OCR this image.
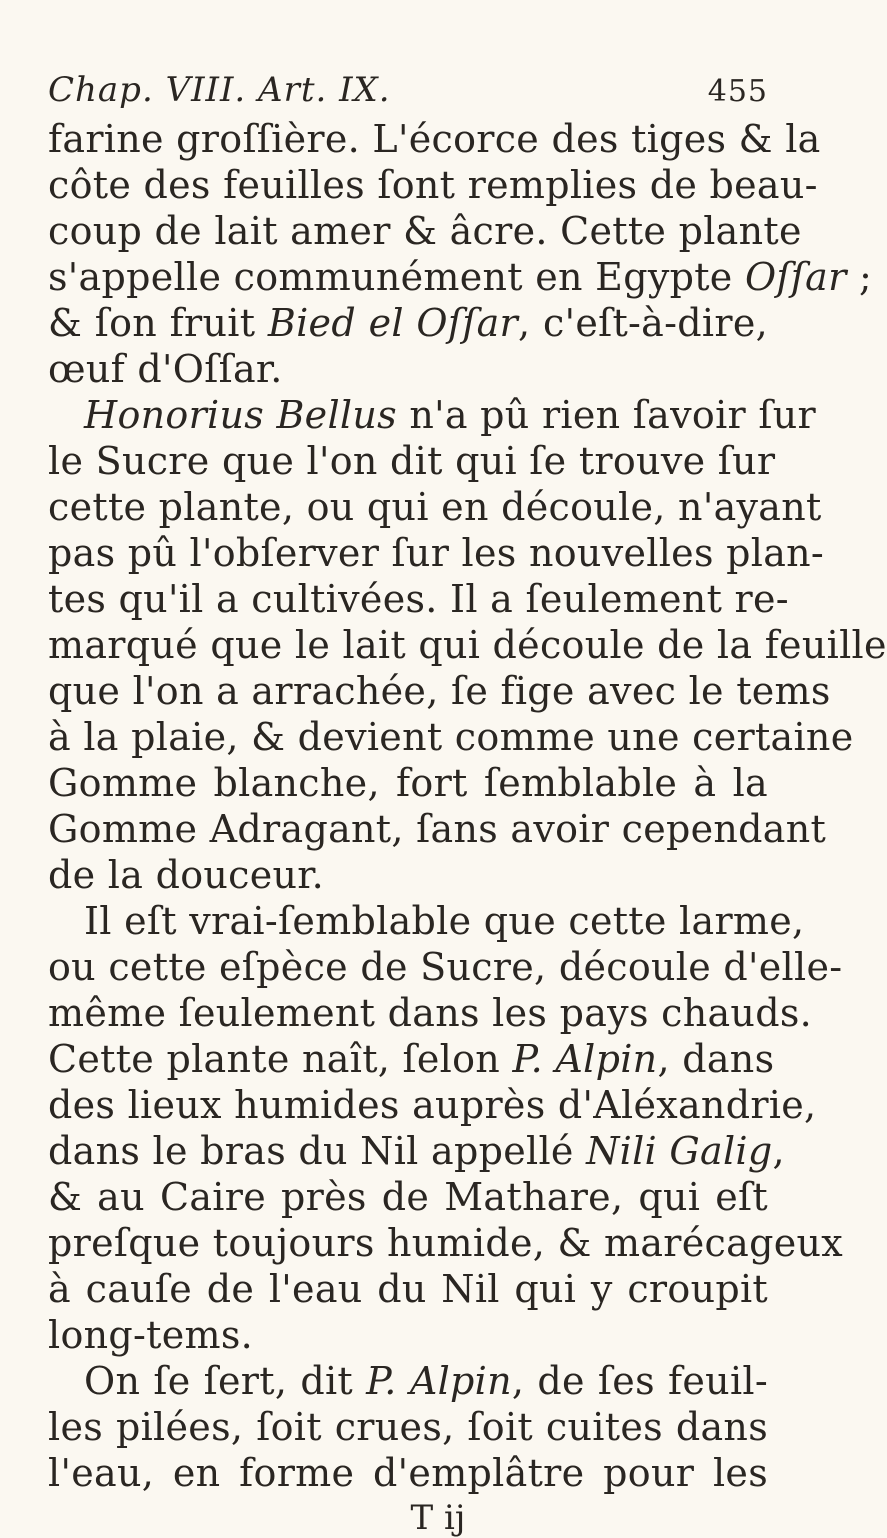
Chap. VIII. Art. IX.	455
farine groſſière. L'écorce des tiges & la
côte des feuilles ſont remplies de beau-
coup de lait amer & âcre. Cette plante
s'appelle communément en Egypte Oſſar ;
& ſon fruit Bied el Oſſar, c'eſt-à-dire,
œuf d'Oſſar.
Honorius Bellus n'a pû rien ſavoir ſur
le Sucre que l'on dit qui ſe trouve ſur
cette plante, ou qui en découle, n'ayant
pas pû l'obſerver ſur les nouvelles plan-
tes qu'il a cultivées. Il a ſeulement re-
marqué que le lait qui découle de la feuille
que l'on a arrachée, ſe fige avec le tems
à la plaie, & devient comme une certaine
Gomme blanche, fort ſemblable à la
Gomme Adragant, ſans avoir cependant
de la douceur.
Il eſt vrai-ſemblable que cette larme,
ou cette eſpèce de Sucre, découle d'elle-
même ſeulement dans les pays chauds.
Cette plante naît, ſelon P. Alpin, dans
des lieux humides auprès d'Aléxandrie,
dans le bras du Nil appellé Nili Galig,
& au Caire près de Mathare, qui eſt
preſque toujours humide, & marécageux
à cauſe de l'eau du Nil qui y croupit
long-tems.
On ſe ſert, dit P. Alpin, de ſes feuil-
les pilées, ſoit crues, ſoit cuites dans
l'eau, en forme d'emplâtre pour les
T ij
